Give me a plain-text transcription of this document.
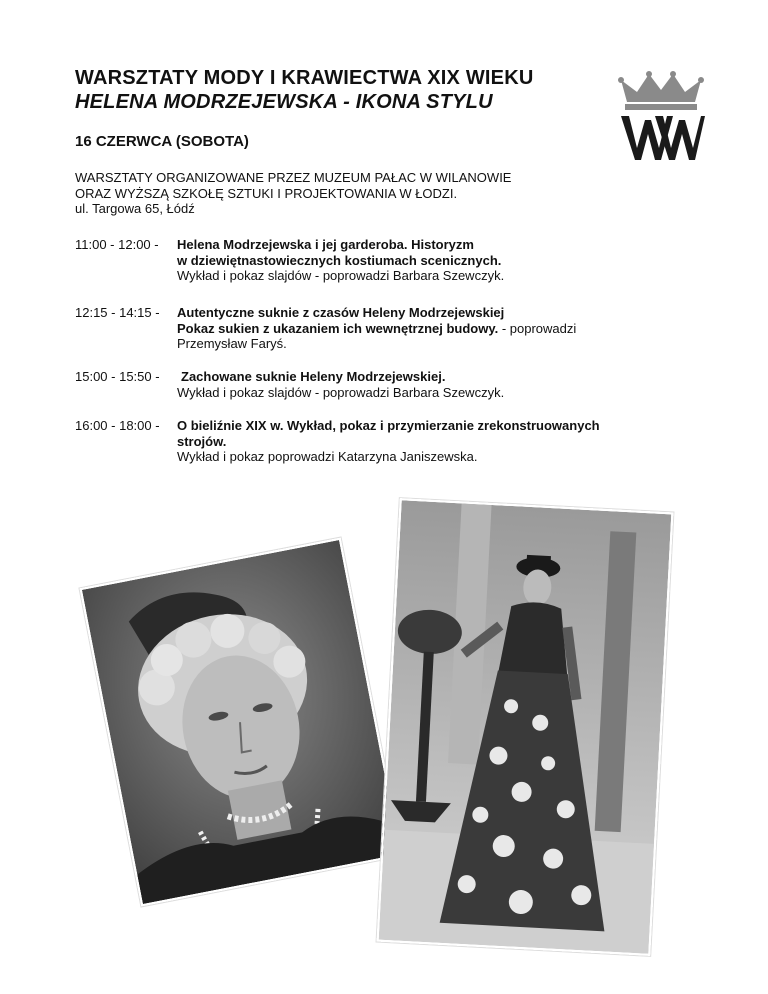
WARSZTATY MODY I KRAWIECTWA XIX WIEKU
HELENA MODRZEJEWSKA - IKONA STYLU
16 CZERWCA (SOBOTA)
WARSZTATY ORGANIZOWANE PRZEZ MUZEUM PAŁAC W WILANOWIE
ORAZ WYŻSZĄ SZKOŁĘ SZTUKI I PROJEKTOWANIA W ŁODZI.
ul. Targowa 65, Łódź
11:00 - 12:00 - Helena Modrzejewska i jej garderoba. Historyzm
w dziewiętnastowiecznych kostiumach scenicznych.
Wykład i pokaz slajdów - poprowadzi Barbara Szewczyk.
12:15 - 14:15 - Autentyczne suknie z czasów Heleny Modrzejewskiej
Pokaz sukien z ukazaniem ich wewnętrznej budowy. - poprowadzi
Przemysław Faryś.
15:00 - 15:50 -	Zachowane suknie Heleny Modrzejewskiej.
Wykład i pokaz slajdów - poprowadzi Barbara Szewczyk.
16:00 - 18:00 - O bieliźnie XIX w. Wykład, pokaz i przymierzanie zrekonstruowanych
strojów.
Wykład i pokaz poprowadzi Katarzyna Janiszewska.
